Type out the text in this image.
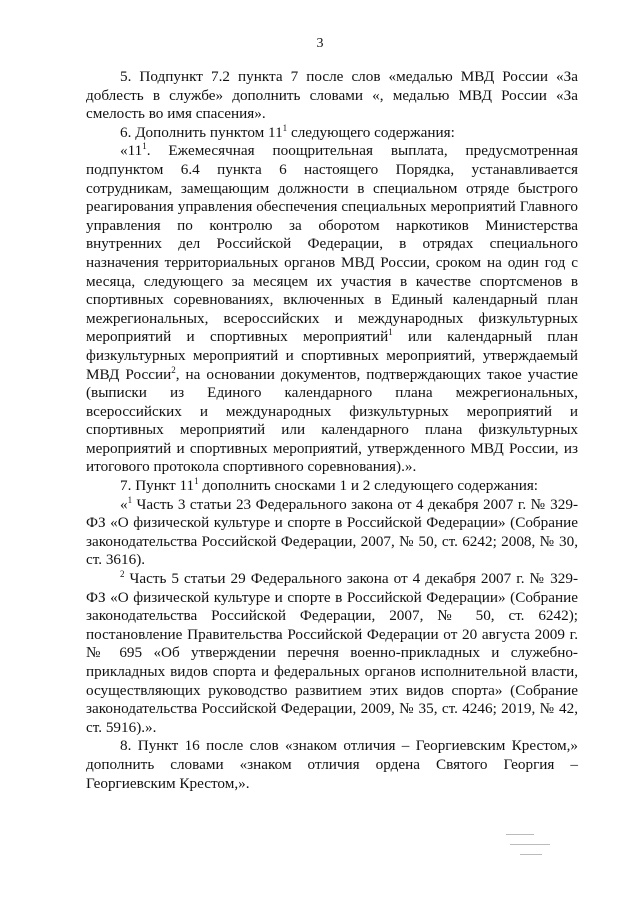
3

5. Подпункт 7.2 пункта 7 после слов «медалью МВД России «За доблесть в службе» дополнить словами «, медалью МВД России «За смелость во имя спасения».

6. Дополнить пунктом $11^1$ следующего содержания:

«$11^1$. Ежемесячная поощрительная выплата, предусмотренная подпунктом 6.4 пункта 6 настоящего Порядка, устанавливается сотрудникам, замещающим должности в специальном отряде быстрого реагирования управления обеспечения специальных мероприятий Главного управления по контролю за оборотом наркотиков Министерства внутренних дел Российской Федерации, в отрядах специального назначения территориальных органов МВД России, сроком на один год с месяца, следующего за месяцем их участия в качестве спортсменов в спортивных соревнованиях, включенных в Единый календарный план межрегиональных, всероссийских и международных физкультурных мероприятий и спортивных мероприятий$^1$ или календарный план физкультурных мероприятий и спортивных мероприятий, утверждаемый МВД России$^2$, на основании документов, подтверждающих такое участие (выписки из Единого календарного плана межрегиональных, всероссийских и международных физкультурных мероприятий и спортивных мероприятий или календарного плана физкультурных мероприятий и спортивных мероприятий, утвержденного МВД России, из итогового протокола спортивного соревнования).».

7. Пункт $11^1$ дополнить сносками 1 и 2 следующего содержания:

«$^1$ Часть 3 статьи 23 Федерального закона от 4 декабря 2007 г. № 329-ФЗ «О физической культуре и спорте в Российской Федерации» (Собрание законодательства Российской Федерации, 2007, № 50, ст. 6242; 2008, № 30, ст. 3616).

$^2$ Часть 5 статьи 29 Федерального закона от 4 декабря 2007 г. № 329-ФЗ «О физической культуре и спорте в Российской Федерации» (Собрание законодательства Российской Федерации, 2007, № 50, ст. 6242); постановление Правительства Российской Федерации от 20 августа 2009 г. № 695 «Об утверждении перечня военно-прикладных и служебно-прикладных видов спорта и федеральных органов исполнительной власти, осуществляющих руководство развитием этих видов спорта» (Собрание законодательства Российской Федерации, 2009, № 35, ст. 4246; 2019, № 42, ст. 5916).».

8. Пункт 16 после слов «знаком отличия – Георгиевским Крестом,» дополнить словами «знаком отличия ордена Святого Георгия – Георгиевским Крестом,».
